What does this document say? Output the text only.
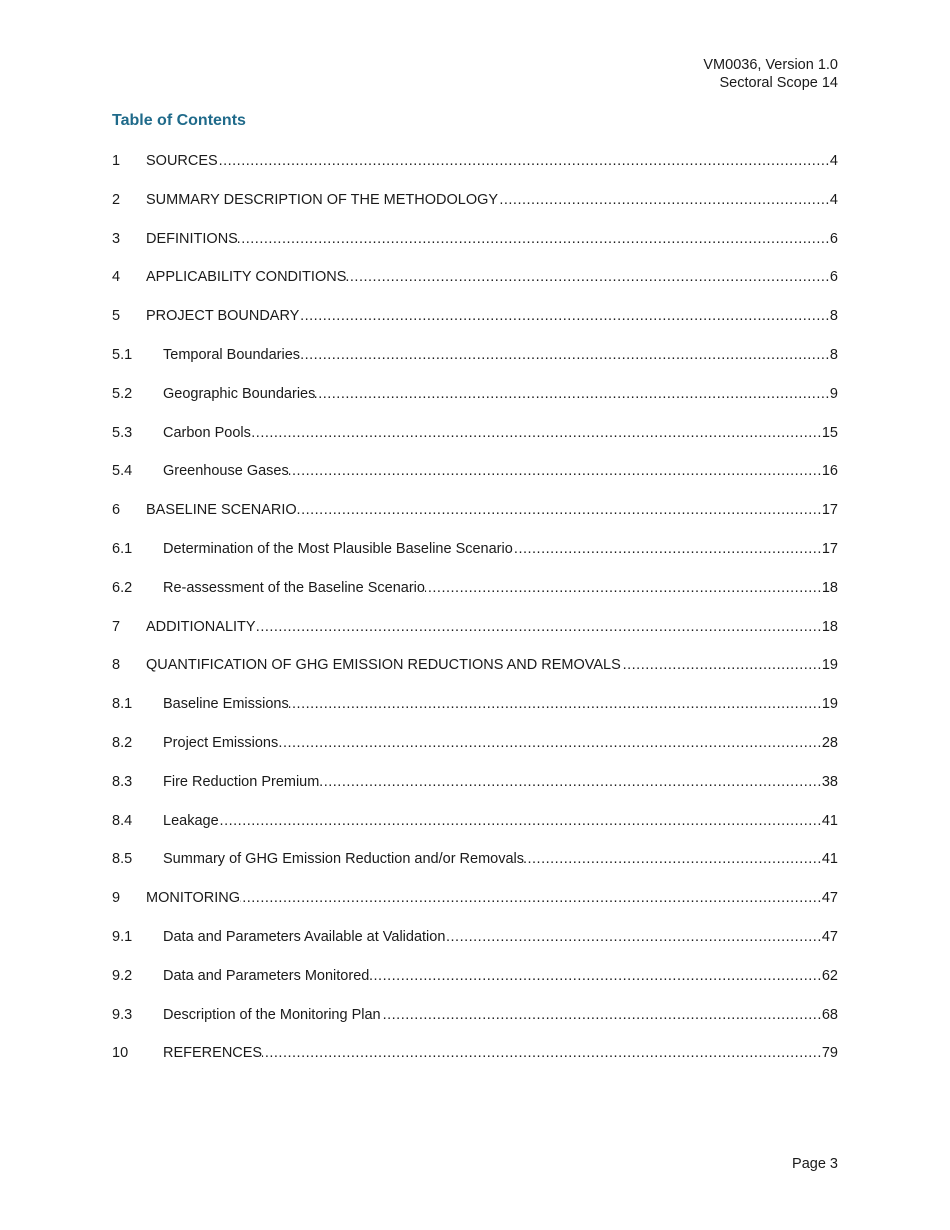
VM0036, Version 1.0
Sectoral Scope 14
Table of Contents
1	SOURCES .....	4
2	SUMMARY DESCRIPTION OF THE METHODOLOGY .....	4
3	DEFINITIONS .....	6
4	APPLICABILITY CONDITIONS .....	6
5	PROJECT BOUNDARY .....	8
5.1	Temporal Boundaries .....	8
5.2	Geographic Boundaries .....	9
5.3	Carbon Pools .....	15
5.4	Greenhouse Gases .....	16
6	BASELINE SCENARIO .....	17
6.1	Determination of the Most Plausible Baseline Scenario .....	17
6.2	Re-assessment of the Baseline Scenario .....	18
7	ADDITIONALITY .....	18
8	QUANTIFICATION OF GHG EMISSION REDUCTIONS AND REMOVALS .....	19
8.1	Baseline Emissions .....	19
8.2	Project Emissions .....	28
8.3	Fire Reduction Premium .....	38
8.4	Leakage .....	41
8.5	Summary of GHG Emission Reduction and/or Removals .....	41
9	MONITORING .....	47
9.1	Data and Parameters Available at Validation .....	47
9.2	Data and Parameters Monitored .....	62
9.3	Description of the Monitoring Plan .....	68
10	REFERENCES .....	79
Page 3
